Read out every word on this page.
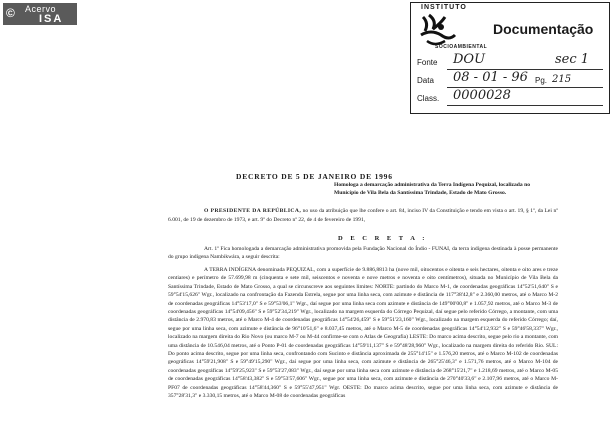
© Acervo
ISA
INSTITUTO
SOCIOAMBIENTAL
Documentação
Fonte DOU	sec 1
Data 08 - 01 - 96 Pg. 215
Class. 0000028
DECRETO DE 5 DE JANEIRO DE 1996
Homologa a demarcação administrativa da Terra Indígena Pequizal, localizada no Município de Vila Bela da Santíssima Trindade, Estado de Mato Grosso.
O PRESIDENTE DA REPÚBLICA, no uso da atribuição que lhe confere o art. 84, inciso IV da Constituição e tendo em vista o art. 19, § 1º, da Lei nº 6.001, de 19 de dezembro de 1973, e art. 9º do Decreto nº 22, de 4 de fevereiro de 1991,
D E C R E T A :
Art. 1º Fica homologada a demarcação administrativa promovida pela Fundação Nacional do Índio - FUNAI, da terra indígena destinada à posse permanente do grupo indígena Nambikwára, a seguir descrita:
A TERRA INDÍGENA denominada PEQUIZAL, com a superfície de 9.886,8813 ha (nove mil, oitocentos e oitenta e seis hectares, oitenta e oito ares e treze centiares) e perímetro de 57.699,98 m (cinquenta e sete mil, seiscentos e noventa e nove metros e noventa e oito centímetros), situada no Município de Vila Bela da Santíssima Trindade, Estado de Mato Grosso, a qual se circunscreve aos seguintes limites: NORTE: partindo do Marco M-1, de coordenadas geográficas 14°52'51,640" S e 59°54'15,626" Wgr., localizado na confrontação da Fazenda Estrela, segue por uma linha seca, com azimute e distância de 117°38'42,8" e 2.360,00 metros, até o Marco M-2 de coordenadas geográficas 14°53'17,0" S e 59°53'06,1" Wgr., daí segue por uma linha seca com azimute e distância de 149°00'00,8" e 1.057,92 metros, até o Marco M-3 de coordenadas geográficas 14°54'09,456" S e 59°52'34,219" Wgr., localizado na margem esquerda do Córrego Pequizal, daí segue pelo referido Córrego, a montante, com uma distância de 2.970,83 metros, até o Marco M-4 de coordenadas geográficas 14°54'26,459" S e 59°51'23,160" Wgr., localizado na margem esquerda do referido Córrego; daí, segue por uma linha seca, com azimute e distância de 96°10'51,6" e 8.037,45 metros, até o Marco M-5 de coordenadas geográficas 14°54'12,932" S e 59°46'58,337" Wgr., localizado na margem direita do Rio Novo (ou marco M-7 ou M-44 confirme-se com o Atlas de Geografia) LESTE: Do marco acima descrito, segue pelo rio a montante, com uma distância de 10.546,04 metros, até o Ponto P-01 de coordenadas geográficas 14°59'11,137" S e 59°48'28,960" Wgr., localizado na margem direita do referido Rio. SUL: Do ponto acima descrito, segue por uma linha seca, confrontando com Sucinto e distância aproximada de 255°14'15" e 1.576,20 metros, até o Marco M-102 de coordenadas geográficas 14°59'21,908" S e 59°49'15,290" Wgr., daí segue por uma linha seca, com azimute e distância de 265°25'46,3" e 1.571,76 metros, até o Marco M-104 de coordenadas geográficas 14°59'25,923" S e 59°53'27,083" Wgr., daí segue por uma linha seca com azimute e distância de 268°15'21,7" e 1.218,69 metros, até o Marco M-05 de coordenadas geográficas 14°58'43,382" S e 59°53'57,606" Wgr., segue por uma linha seca, com azimute e distância de 270°40'33,6" e 2.107,96 metros, até o Marco M-PF07 de coordenadas geográficas 14°58'44,360" S e 59°55'47,951" Wgr. OESTE: Do marco acima descrito, segue por uma linha seca, com azimute e distância de 357°28'31,3" e 3.330,15 metros, até o Marco M-08 de coordenadas geográficas
